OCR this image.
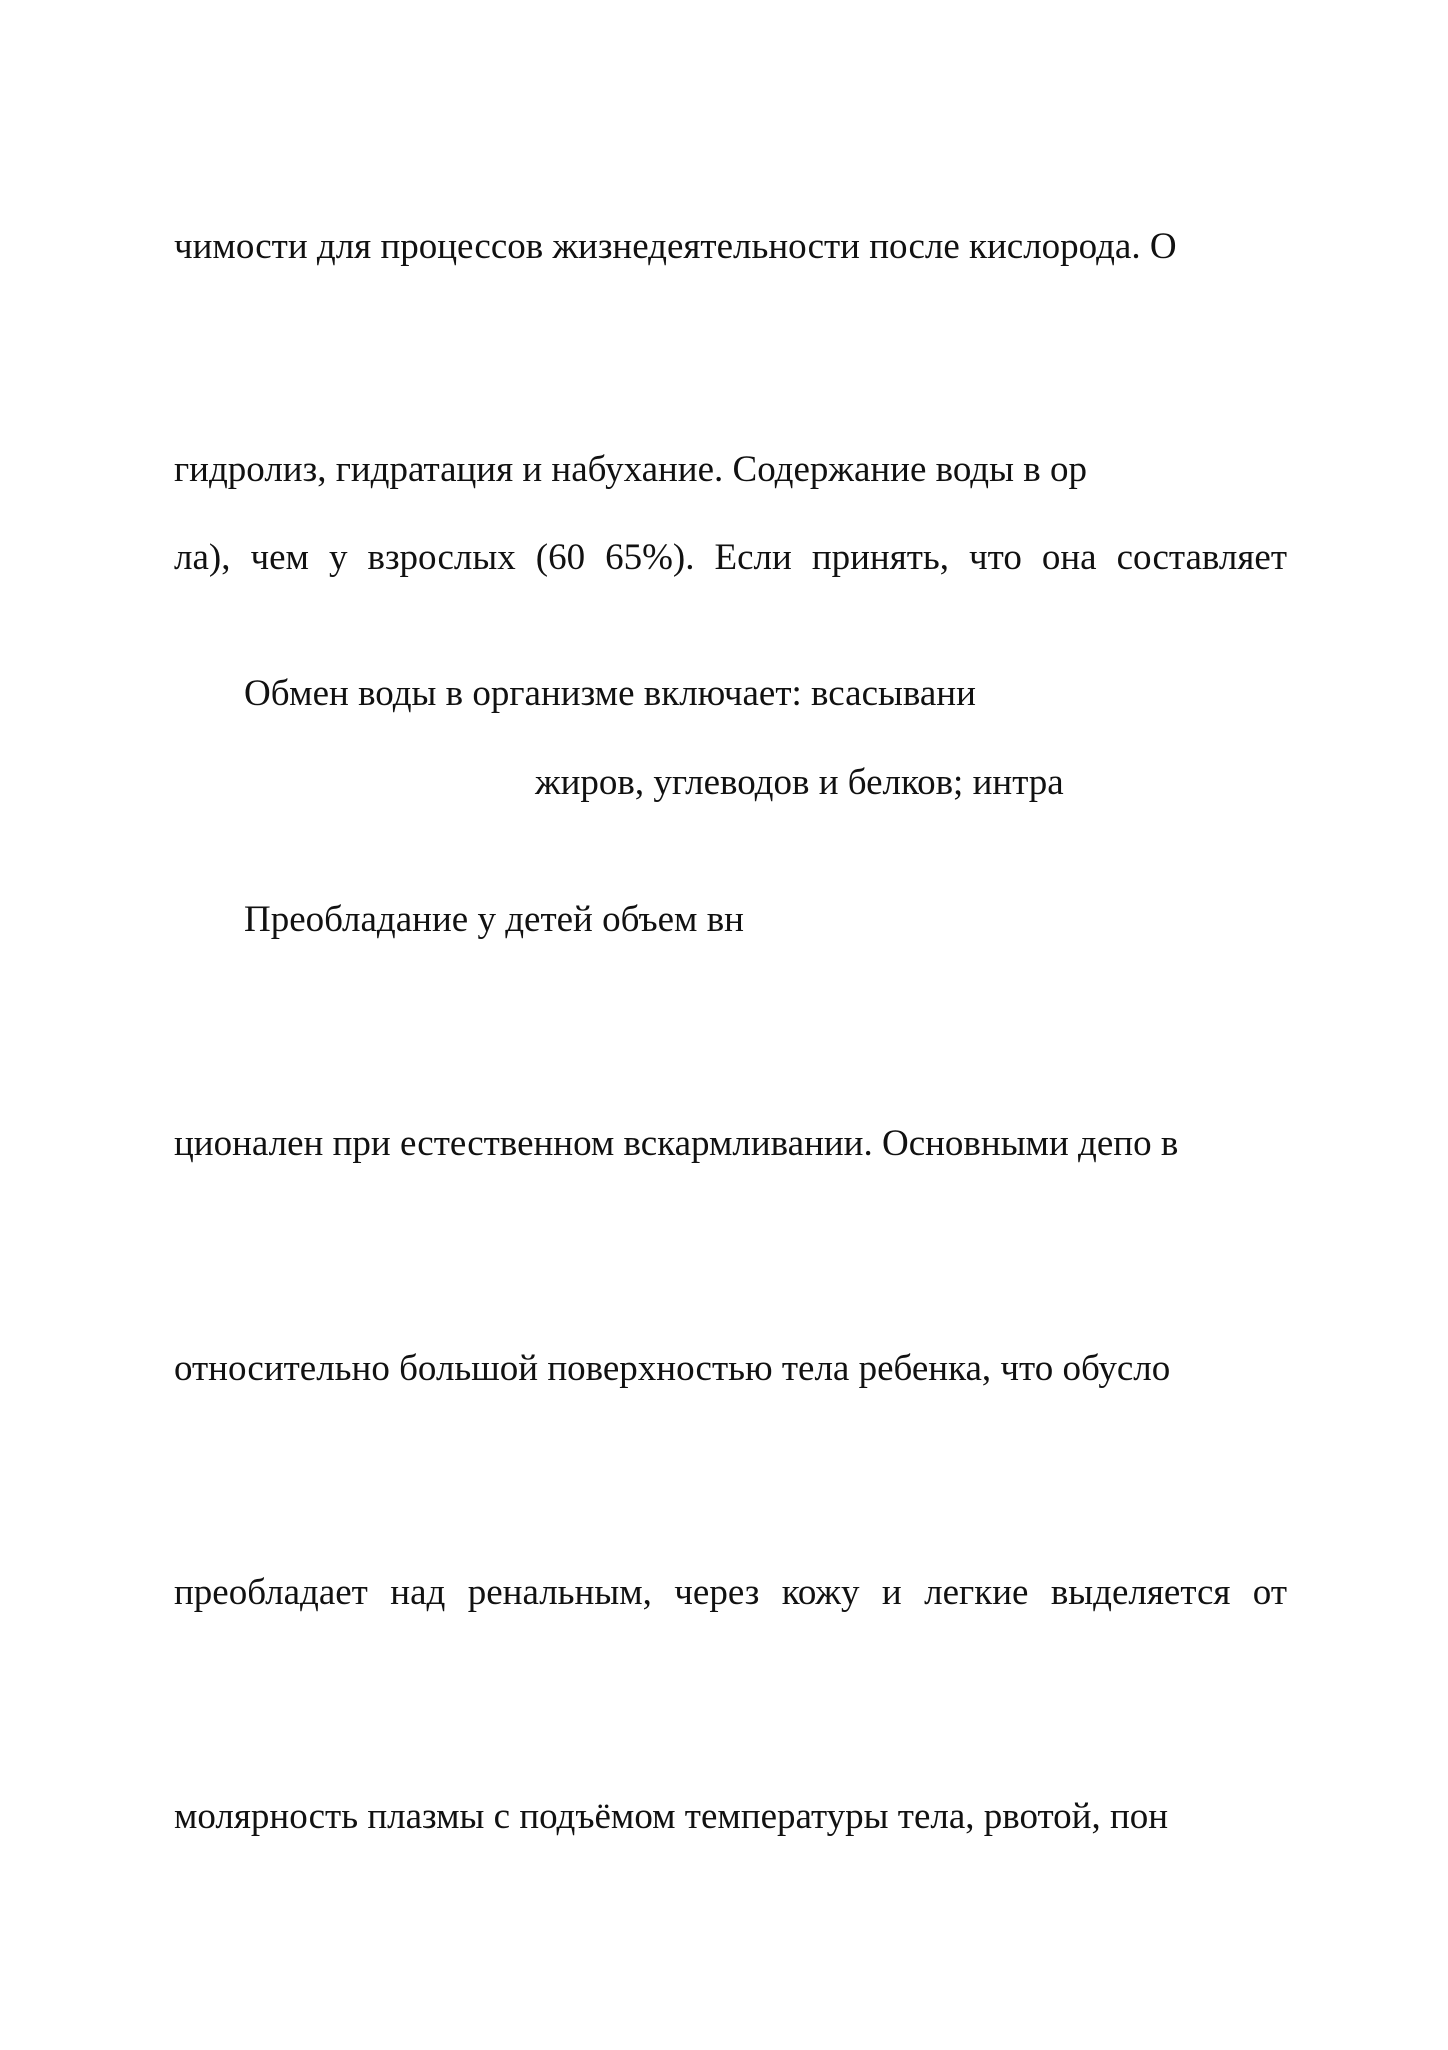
чимости для процессов жизнедеятельности после кислорода. О
гидролиз, гидратация и набухание. Содержание воды в ор
ла), чем у взрослых (60 65%). Если принять, что она составляет
Обмен воды в организме включает: всасывани
жиров, углеводов и белков; интра
Преобладание у детей объем вн
ционален при естественном вскармливании. Основными депо в
относительно большой поверхностью тела ребенка, что обусло
преобладает над ренальным, через кожу и легкие выделяется от
молярность плазмы с подъёмом температуры тела, рвотой, пон
